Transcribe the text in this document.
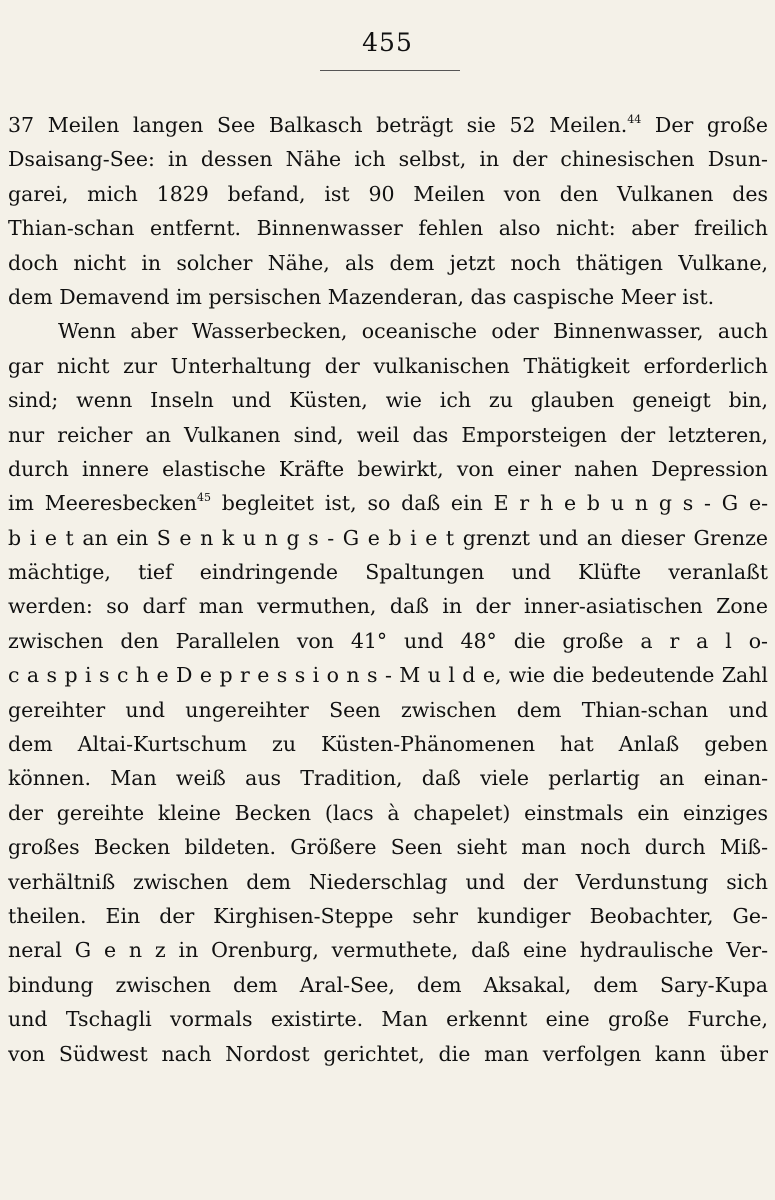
455
37 Meilen langen See Balkasch beträgt sie 52 Meilen.$^{44}$ Der große
Dsaisang-See: in dessen Nähe ich selbst, in der chinesischen Dsun-
garei, mich 1829 befand, ist 90 Meilen von den Vulkanen des
Thian-schan entfernt. Binnenwasser fehlen also nicht: aber freilich
doch nicht in solcher Nähe, als dem jetzt noch thätigen Vulkane,
dem Demavend im persischen Mazenderan, das caspische Meer ist.
Wenn aber Wasserbecken, oceanische oder Binnenwasser, auch
gar nicht zur Unterhaltung der vulkanischen Thätigkeit erforderlich
sind; wenn Inseln und Küsten, wie ich zu glauben geneigt bin,
nur reicher an Vulkanen sind, weil das Emporsteigen der letzteren,
durch innere elastische Kräfte bewirkt, von einer nahen Depression
im Meeresbecken$^{45}$ begleitet ist, so daß ein E r h e b u n g s - G e-
b i e t an ein S e n k u n g s - G e b i e t grenzt und an dieser Grenze
mächtige, tief eindringende Spaltungen und Klüfte veranlaßt
werden: so darf man vermuthen, daß in der inner-asiatischen Zone
zwischen den Parallelen von 41° und 48° die große a r a l o-
c a s p i s c h e D e p r e s s i o n s - M u l d e, wie die bedeutende Zahl
gereihter und ungereihter Seen zwischen dem Thian-schan und
dem Altai-Kurtschum zu Küsten-Phänomenen hat Anlaß geben
können. Man weiß aus Tradition, daß viele perlartig an einan-
der gereihte kleine Becken (lacs à chapelet) einstmals ein einziges
großes Becken bildeten. Größere Seen sieht man noch durch Miß-
verhältniß zwischen dem Niederschlag und der Verdunstung sich
theilen. Ein der Kirghisen-Steppe sehr kundiger Beobachter, Ge-
neral G e n z in Orenburg, vermuthete, daß eine hydraulische Ver-
bindung zwischen dem Aral-See, dem Aksakal, dem Sary-Kupa
und Tschagli vormals existirte. Man erkennt eine große Furche,
von Südwest nach Nordost gerichtet, die man verfolgen kann über
